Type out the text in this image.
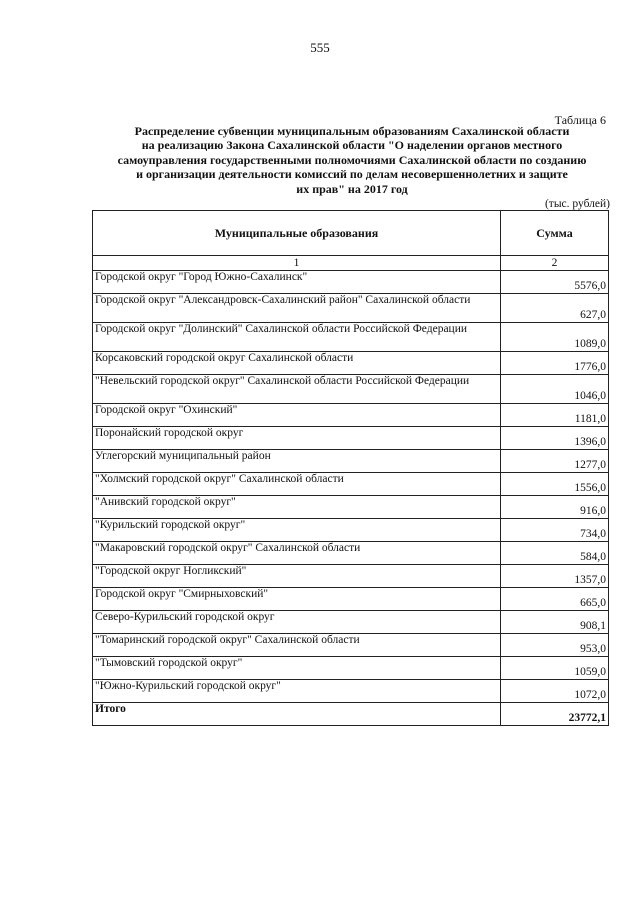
555
Таблица 6
Распределение субвенции муниципальным образованиям Сахалинской области
на реализацию Закона Сахалинской области "О наделении органов местного
самоуправления государственными полномочиями Сахалинской области по созданию
и организации деятельности комиссий по делам несовершеннолетних и защите
их прав" на 2017 год
(тыс. рублей)
Муниципальные образования	Сумма
1	2
Городской округ "Город Южно-Сахалинск"	5576,0
Городской округ "Александровск-Сахалинский район" Сахалинской области	627,0
Городской округ "Долинский" Сахалинской области Российской Федерации	1089,0
Корсаковский городской округ Сахалинской области	1776,0
"Невельский городской округ" Сахалинской области Российской Федерации	1046,0
Городской округ "Охинский"	1181,0
Поронайский городской округ	1396,0
Углегорский муниципальный район	1277,0
"Холмский городской округ" Сахалинской области	1556,0
"Анивский городской округ"	916,0
"Курильский городской округ"	734,0
"Макаровский городской округ" Сахалинской области	584,0
"Городской округ Ногликский"	1357,0
Городской округ "Смирныховский"	665,0
Северо-Курильский городской округ	908,1
"Томаринский городской округ" Сахалинской области	953,0
"Тымовский городской округ"	1059,0
"Южно-Курильский городской округ"	1072,0
Итого	23772,1
